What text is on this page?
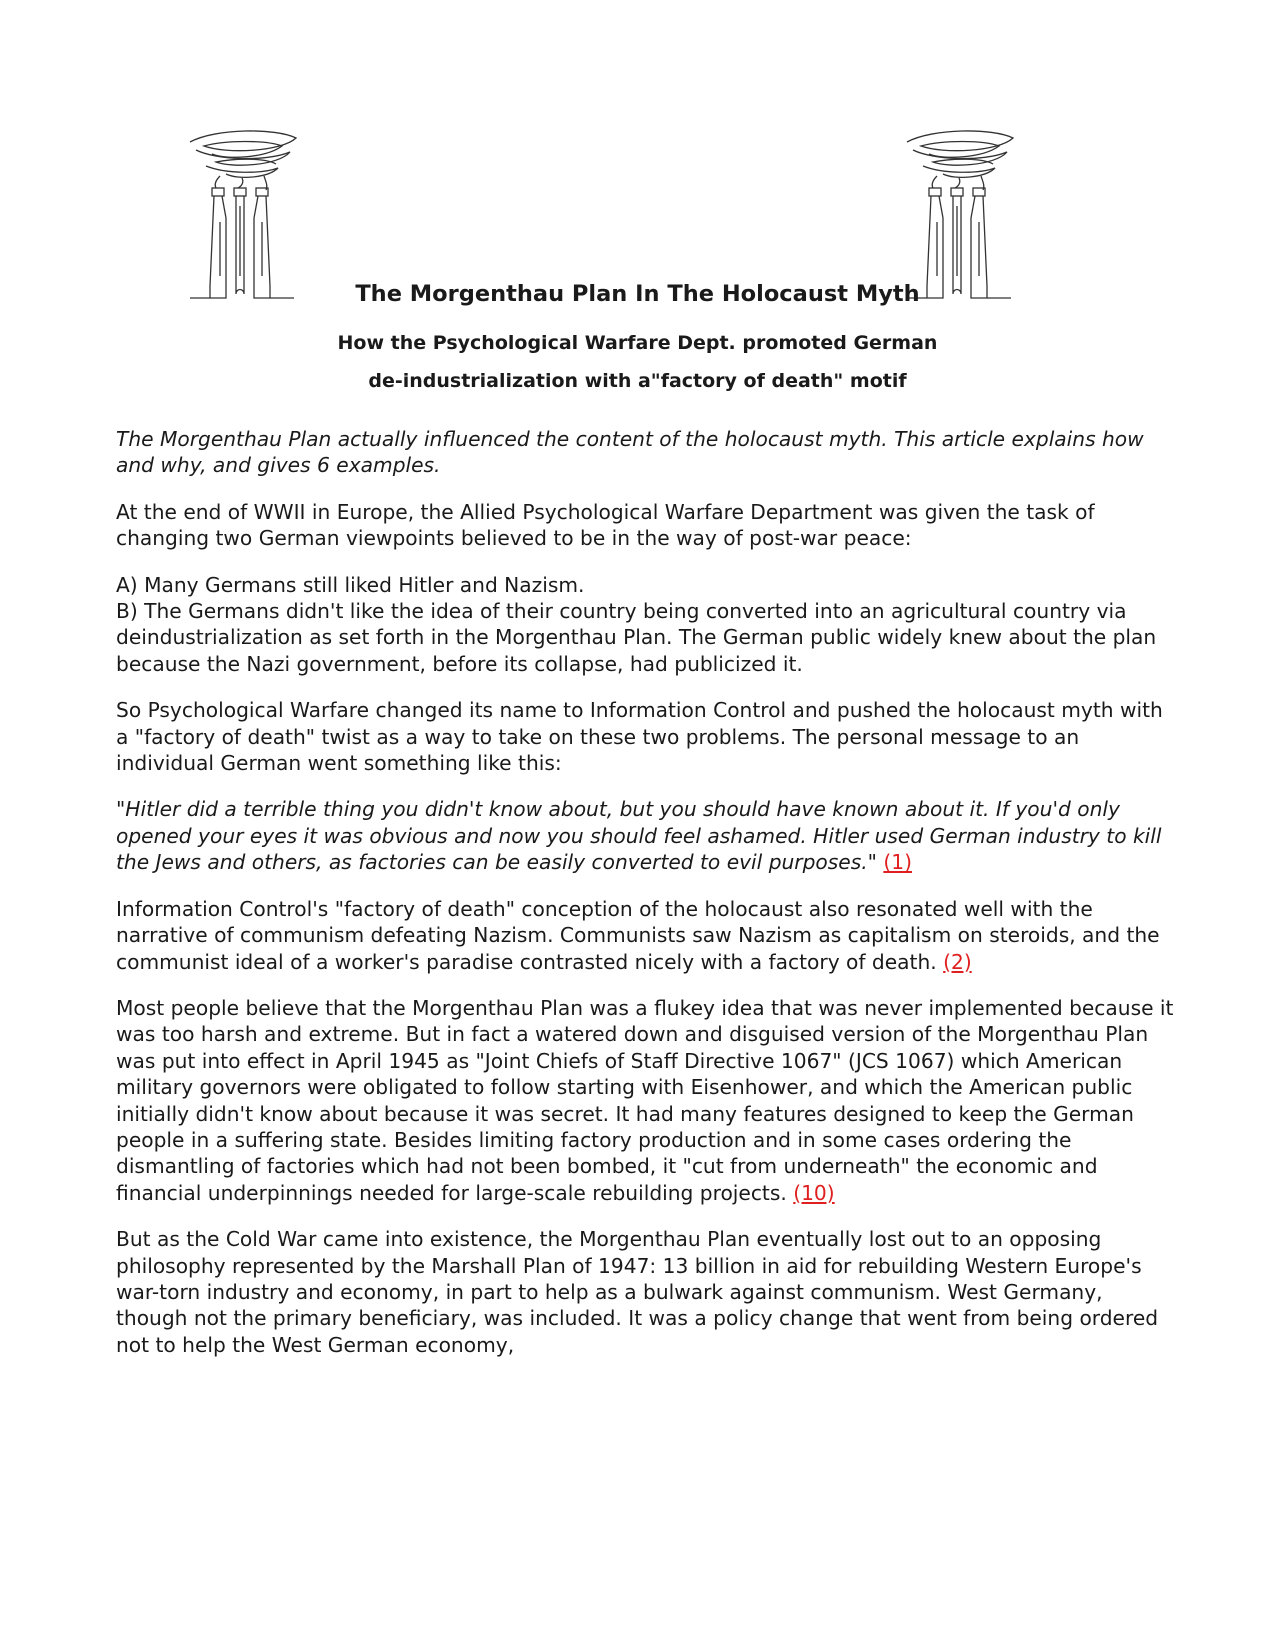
The Morgenthau Plan In The Holocaust Myth
How the Psychological Warfare Dept. promoted German
de-industrialization with a"factory of death" motif

The Morgenthau Plan actually influenced the content of the holocaust myth. This article explains how and why, and gives 6 examples.

At the end of WWII in Europe, the Allied Psychological Warfare Department was given the task of changing two German viewpoints believed to be in the way of post-war peace:

A) Many Germans still liked Hitler and Nazism.

B) The Germans didn't like the idea of their country being converted into an agricultural country via deindustrialization as set forth in the Morgenthau Plan. The German public widely knew about the plan because the Nazi government, before its collapse, had publicized it.

So Psychological Warfare changed its name to Information Control and pushed the holocaust myth with a "factory of death" twist as a way to take on these two problems. The personal message to an individual German went something like this:

"Hitler did a terrible thing you didn't know about, but you should have known about it. If you'd only opened your eyes it was obvious and now you should feel ashamed. Hitler used German industry to kill the Jews and others, as factories can be easily converted to evil purposes." (1)

Information Control's "factory of death" conception of the holocaust also resonated well with the narrative of communism defeating Nazism. Communists saw Nazism as capitalism on steroids, and the communist ideal of a worker's paradise contrasted nicely with a factory of death. (2)

Most people believe that the Morgenthau Plan was a flukey idea that was never implemented because it was too harsh and extreme. But in fact a watered down and disguised version of the Morgenthau Plan was put into effect in April 1945 as "Joint Chiefs of Staff Directive 1067" (JCS 1067) which American military governors were obligated to follow starting with Eisenhower, and which the American public initially didn't know about because it was secret. It had many features designed to keep the German people in a suffering state. Besides limiting factory production and in some cases ordering the dismantling of factories which had not been bombed, it "cut from underneath" the economic and financial underpinnings needed for large-scale rebuilding projects. (10)

But as the Cold War came into existence, the Morgenthau Plan eventually lost out to an opposing philosophy represented by the Marshall Plan of 1947: 13 billion in aid for rebuilding Western Europe's war-torn industry and economy, in part to help as a bulwark against communism. West Germany, though not the primary beneficiary, was included. It was a policy change that went from being ordered not to help the West German economy,
